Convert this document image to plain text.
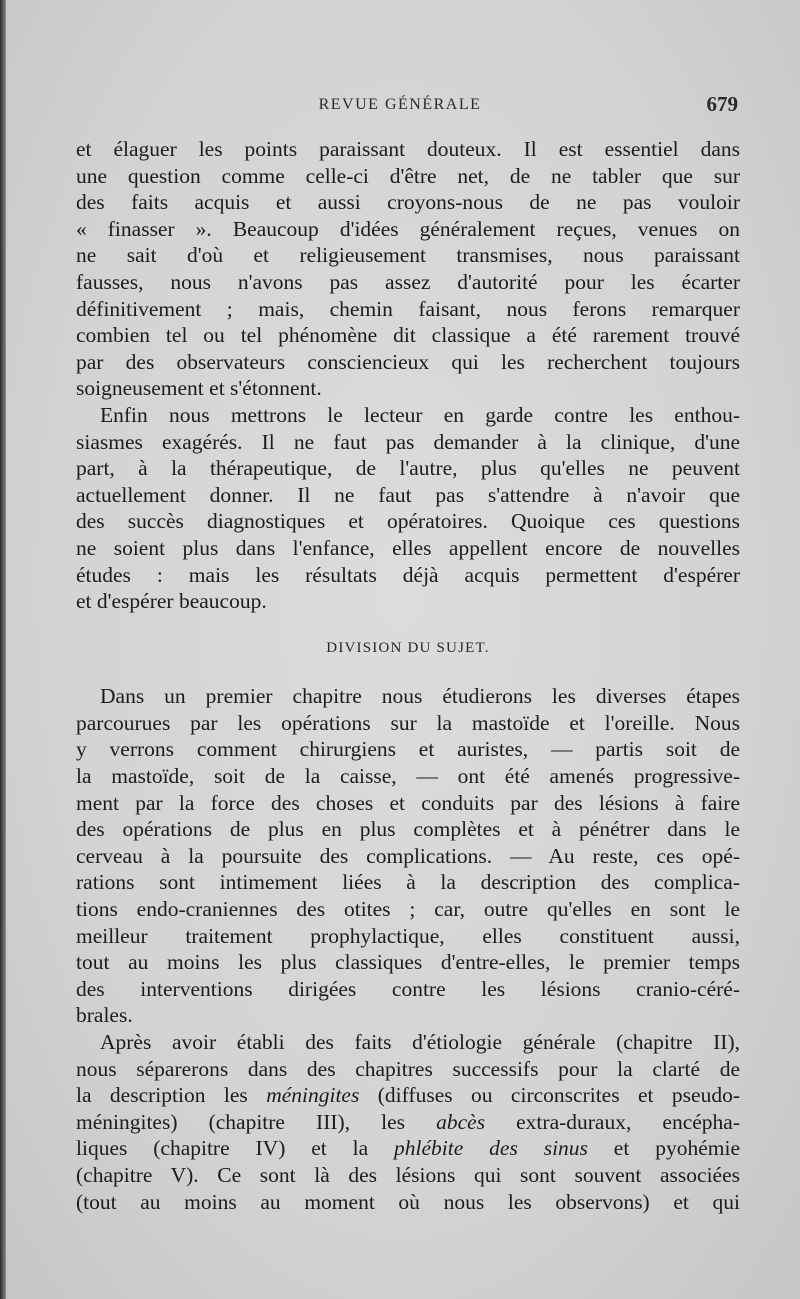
REVUE GÉNÉRALE	679

et élaguer les points paraissant douteux. Il est essentiel dans
une question comme celle-ci d'être net, de ne tabler que sur
des faits acquis et aussi croyons-nous de ne pas vouloir
« finasser ». Beaucoup d'idées généralement reçues, venues on
ne sait d'où et religieusement transmises, nous paraissant
fausses, nous n'avons pas assez d'autorité pour les écarter
définitivement ; mais, chemin faisant, nous ferons remarquer
combien tel ou tel phénomène dit classique a été rarement trouvé
par des observateurs consciencieux qui les recherchent toujours
soigneusement et s'étonnent.

Enfin nous mettrons le lecteur en garde contre les enthou-
siasmes exagérés. Il ne faut pas demander à la clinique, d'une
part, à la thérapeutique, de l'autre, plus qu'elles ne peuvent
actuellement donner. Il ne faut pas s'attendre à n'avoir que
des succès diagnostiques et opératoires. Quoique ces questions
ne soient plus dans l'enfance, elles appellent encore de nouvelles
études : mais les résultats déjà acquis permettent d'espérer
et d'espérer beaucoup.

DIVISION DU SUJET.

Dans un premier chapitre nous étudierons les diverses étapes
parcourues par les opérations sur la mastoïde et l'oreille. Nous
y verrons comment chirurgiens et auristes, — partis soit de
la mastoïde, soit de la caisse, — ont été amenés progressive-
ment par la force des choses et conduits par des lésions à faire
des opérations de plus en plus complètes et à pénétrer dans le
cerveau à la poursuite des complications. — Au reste, ces opé-
rations sont intimement liées à la description des complica-
tions endo-craniennes des otites ; car, outre qu'elles en sont le
meilleur traitement prophylactique, elles constituent aussi,
tout au moins les plus classiques d'entre-elles, le premier temps
des interventions dirigées contre les lésions cranio-céré-
brales.

Après avoir établi des faits d'étiologie générale (chapitre II),
nous séparerons dans des chapitres successifs pour la clarté de
la description les méningites (diffuses ou circonscrites et pseudo-
méningites) (chapitre III), les abcès extra-duraux, encépha-
liques (chapitre IV) et la phlébite des sinus et pyohémie
(chapitre V). Ce sont là des lésions qui sont souvent associées
(tout au moins au moment où nous les observons) et qui
